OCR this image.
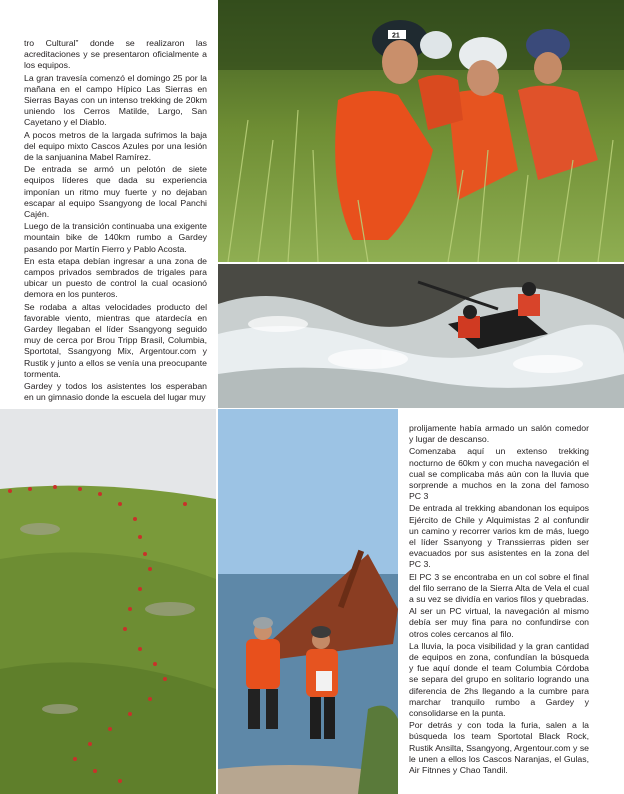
tro Cultural” donde se realizaron las acreditaciones y se presentaron oficialmente a los equipos.

La gran travesía comenzó el domingo 25 por la mañana en el campo Hípico Las Sierras en Sierras Bayas con un intenso trekking de 20km uniendo los Cerros Matilde, Largo, San Cayetano y el Diablo.

A pocos metros de la largada sufrimos la baja del equipo mixto Cascos Azules por una lesión de la sanjuanina Mabel Ramírez.

De entrada se armó un pelotón de siete equipos líderes que dada su experiencia imponían un ritmo muy fuerte y no dejaban escapar al equipo Ssangyong de local Panchi Cajén.

Luego de la transición continuaba una exigente mountain bike de 140km rumbo a Gardey pasando por Martín Fierro y Pablo Acosta.

En esta etapa debían ingresar a una zona de campos privados sembrados de trigales para ubicar un puesto de control la cual ocasionó demora en los punteros.

Se rodaba a altas velocidades producto del favorable viento, mientras que atardecía en Gardey llegaban el líder Ssangyong seguido muy de cerca por Brou Tripp Brasil, Columbia, Sportotal, Ssangyong Mix, Argentour.com y Rustik y junto a ellos se venía una preocupante tormenta.

Gardey y todos los asistentes los esperaban en un gimnasio donde la escuela del lugar muy

21

prolijamente había armado un salón comedor y lugar de descanso.

Comenzaba aquí un extenso trekking nocturno de 60km y con mucha navegación el cual se complicaba más aún con la lluvia que sorprende a muchos en la zona del famoso PC 3

De entrada al trekking abandonan los equipos Ejército de Chile y Alquimistas 2 al confundir un camino y recorrer varios km de más, luego el líder Ssanyong y Transsierras piden ser evacuados por sus asistentes en la zona del PC 3.

El PC 3 se encontraba en un col sobre el final del filo serrano de la Sierra Alta de Vela el cual a su vez se dividía en varios filos y quebradas.

Al ser un PC virtual, la navegación al mismo debía ser muy fina para no confundirse con otros coles cercanos al filo.

La lluvia, la poca visibilidad y la gran cantidad de equipos en zona, confundían la búsqueda y fue aquí donde el team Columbia Córdoba se separa del grupo en solitario logrando una diferencia de 2hs llegando a la cumbre para marchar tranquilo rumbo a Gardey y consolidarse en la punta.

Por detrás y con toda la furia, salen a la búsqueda los team Sportotal Black Rock, Rustik Ansilta, Ssangyong, Argentour.com y se le unen a ellos los Cascos Naranjas, el Gulas, Air Fitnnes y Chao Tandil.
